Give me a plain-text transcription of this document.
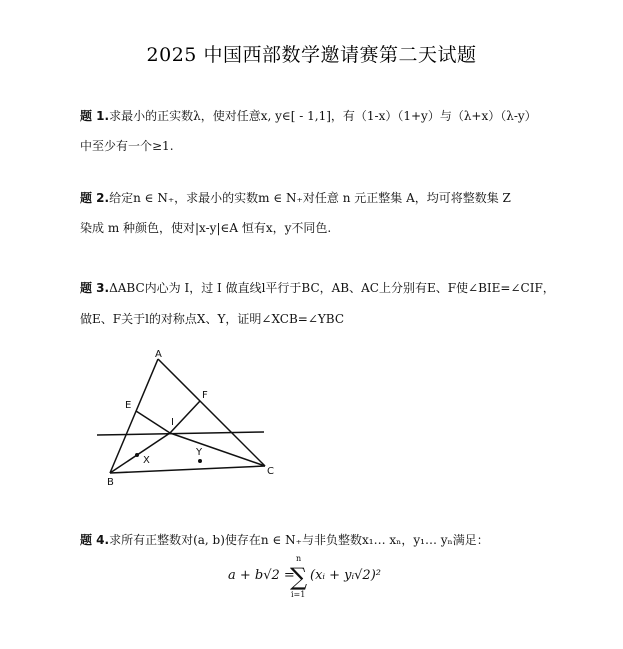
2025 中国西部数学邀请赛第二天试题
题 1.求最小的正实数λ，使对任意x, y∈[ - 1,1]，有（1-x）（1+y）与（λ+x）（λ-y）
中至少有一个≥1.
题 2.给定n ∈ N₊，求最小的实数m ∈ N₊对任意 n 元正整集 A，均可将整数集 Z
染成 m 种颜色，使对|x-y|∈A 恒有x，y不同色.
题 3.ΔABC内心为 I，过 I 做直线l平行于BC，AB、AC上分别有E、F使∠BIE=∠CIF，
做E、F关于l的对称点X、Y，证明∠XCB=∠YBC
A
B
C
E
F
I
X
Y
题 4.求所有正整数对(a, b)使存在n ∈ N₊与非负整数x₁… xₙ，y₁… yₙ满足：
a + b√2 =
n
∑
i=1
(xᵢ + yᵢ√2)²
